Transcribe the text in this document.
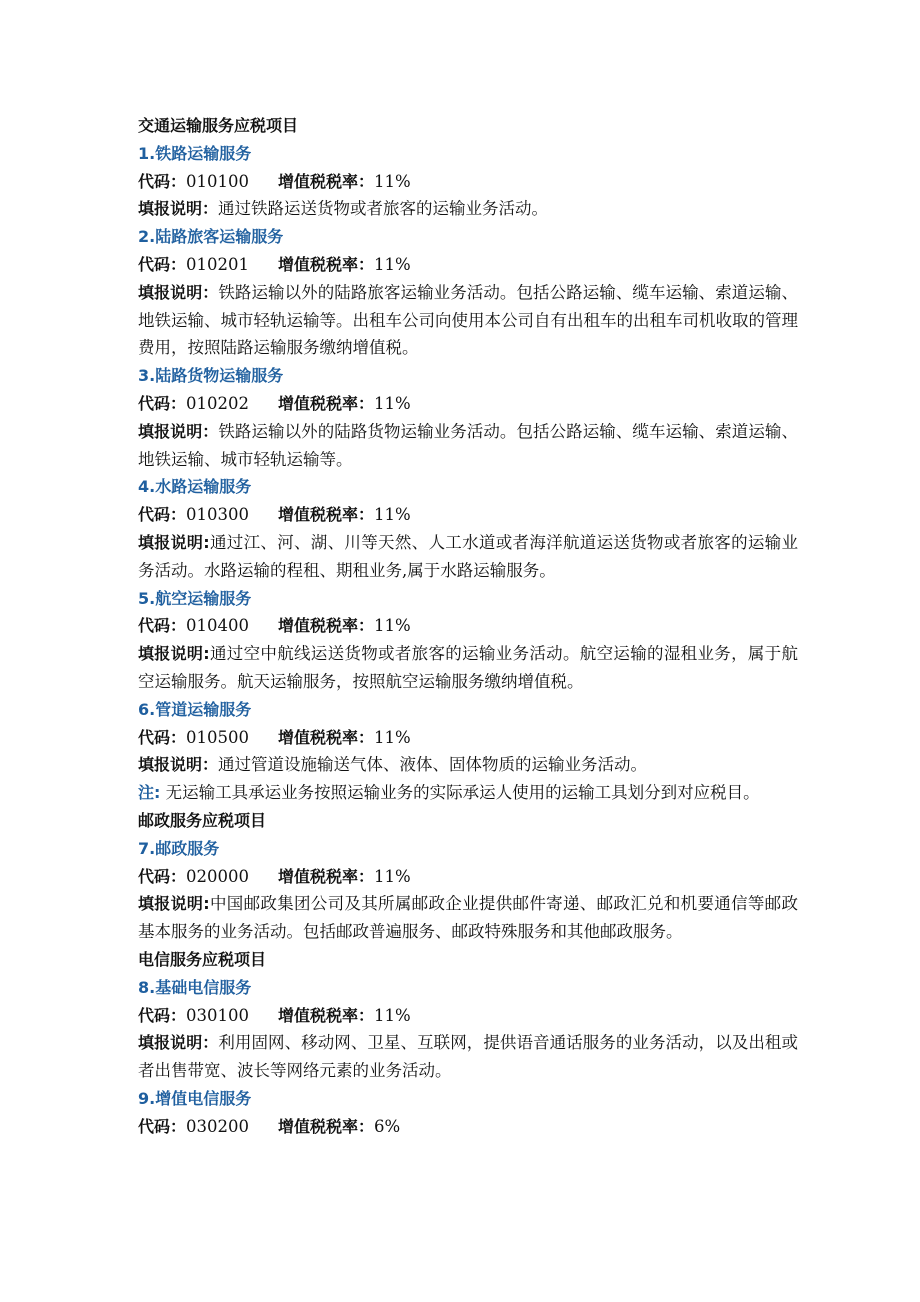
交通运输服务应税项目
1.铁路运输服务
代码：010100 增值税税率：11%
填报说明：通过铁路运送货物或者旅客的运输业务活动。
2.陆路旅客运输服务
代码：010201 增值税税率：11%
填报说明：铁路运输以外的陆路旅客运输业务活动。包括公路运输、缆车运输、索道运输、地铁运输、城市轻轨运输等。出租车公司向使用本公司自有出租车的出租车司机收取的管理费用，按照陆路运输服务缴纳增值税。
3.陆路货物运输服务
代码：010202 增值税税率：11%
填报说明：铁路运输以外的陆路货物运输业务活动。包括公路运输、缆车运输、索道运输、地铁运输、城市轻轨运输等。
4.水路运输服务
代码：010300 增值税税率：11%
填报说明:通过江、河、湖、川等天然、人工水道或者海洋航道运送货物或者旅客的运输业务活动。水路运输的程租、期租业务,属于水路运输服务。
5.航空运输服务
代码：010400 增值税税率：11%
填报说明:通过空中航线运送货物或者旅客的运输业务活动。航空运输的湿租业务，属于航空运输服务。航天运输服务，按照航空运输服务缴纳增值税。
6.管道运输服务
代码：010500 增值税税率：11%
填报说明：通过管道设施输送气体、液体、固体物质的运输业务活动。
注: 无运输工具承运业务按照运输业务的实际承运人使用的运输工具划分到对应税目。
邮政服务应税项目
7.邮政服务
代码：020000 增值税税率：11%
填报说明:中国邮政集团公司及其所属邮政企业提供邮件寄递、邮政汇兑和机要通信等邮政基本服务的业务活动。包括邮政普遍服务、邮政特殊服务和其他邮政服务。
电信服务应税项目
8.基础电信服务
代码：030100 增值税税率：11%
填报说明：利用固网、移动网、卫星、互联网，提供语音通话服务的业务活动，以及出租或者出售带宽、波长等网络元素的业务活动。
9.增值电信服务
代码：030200 增值税税率：6%
